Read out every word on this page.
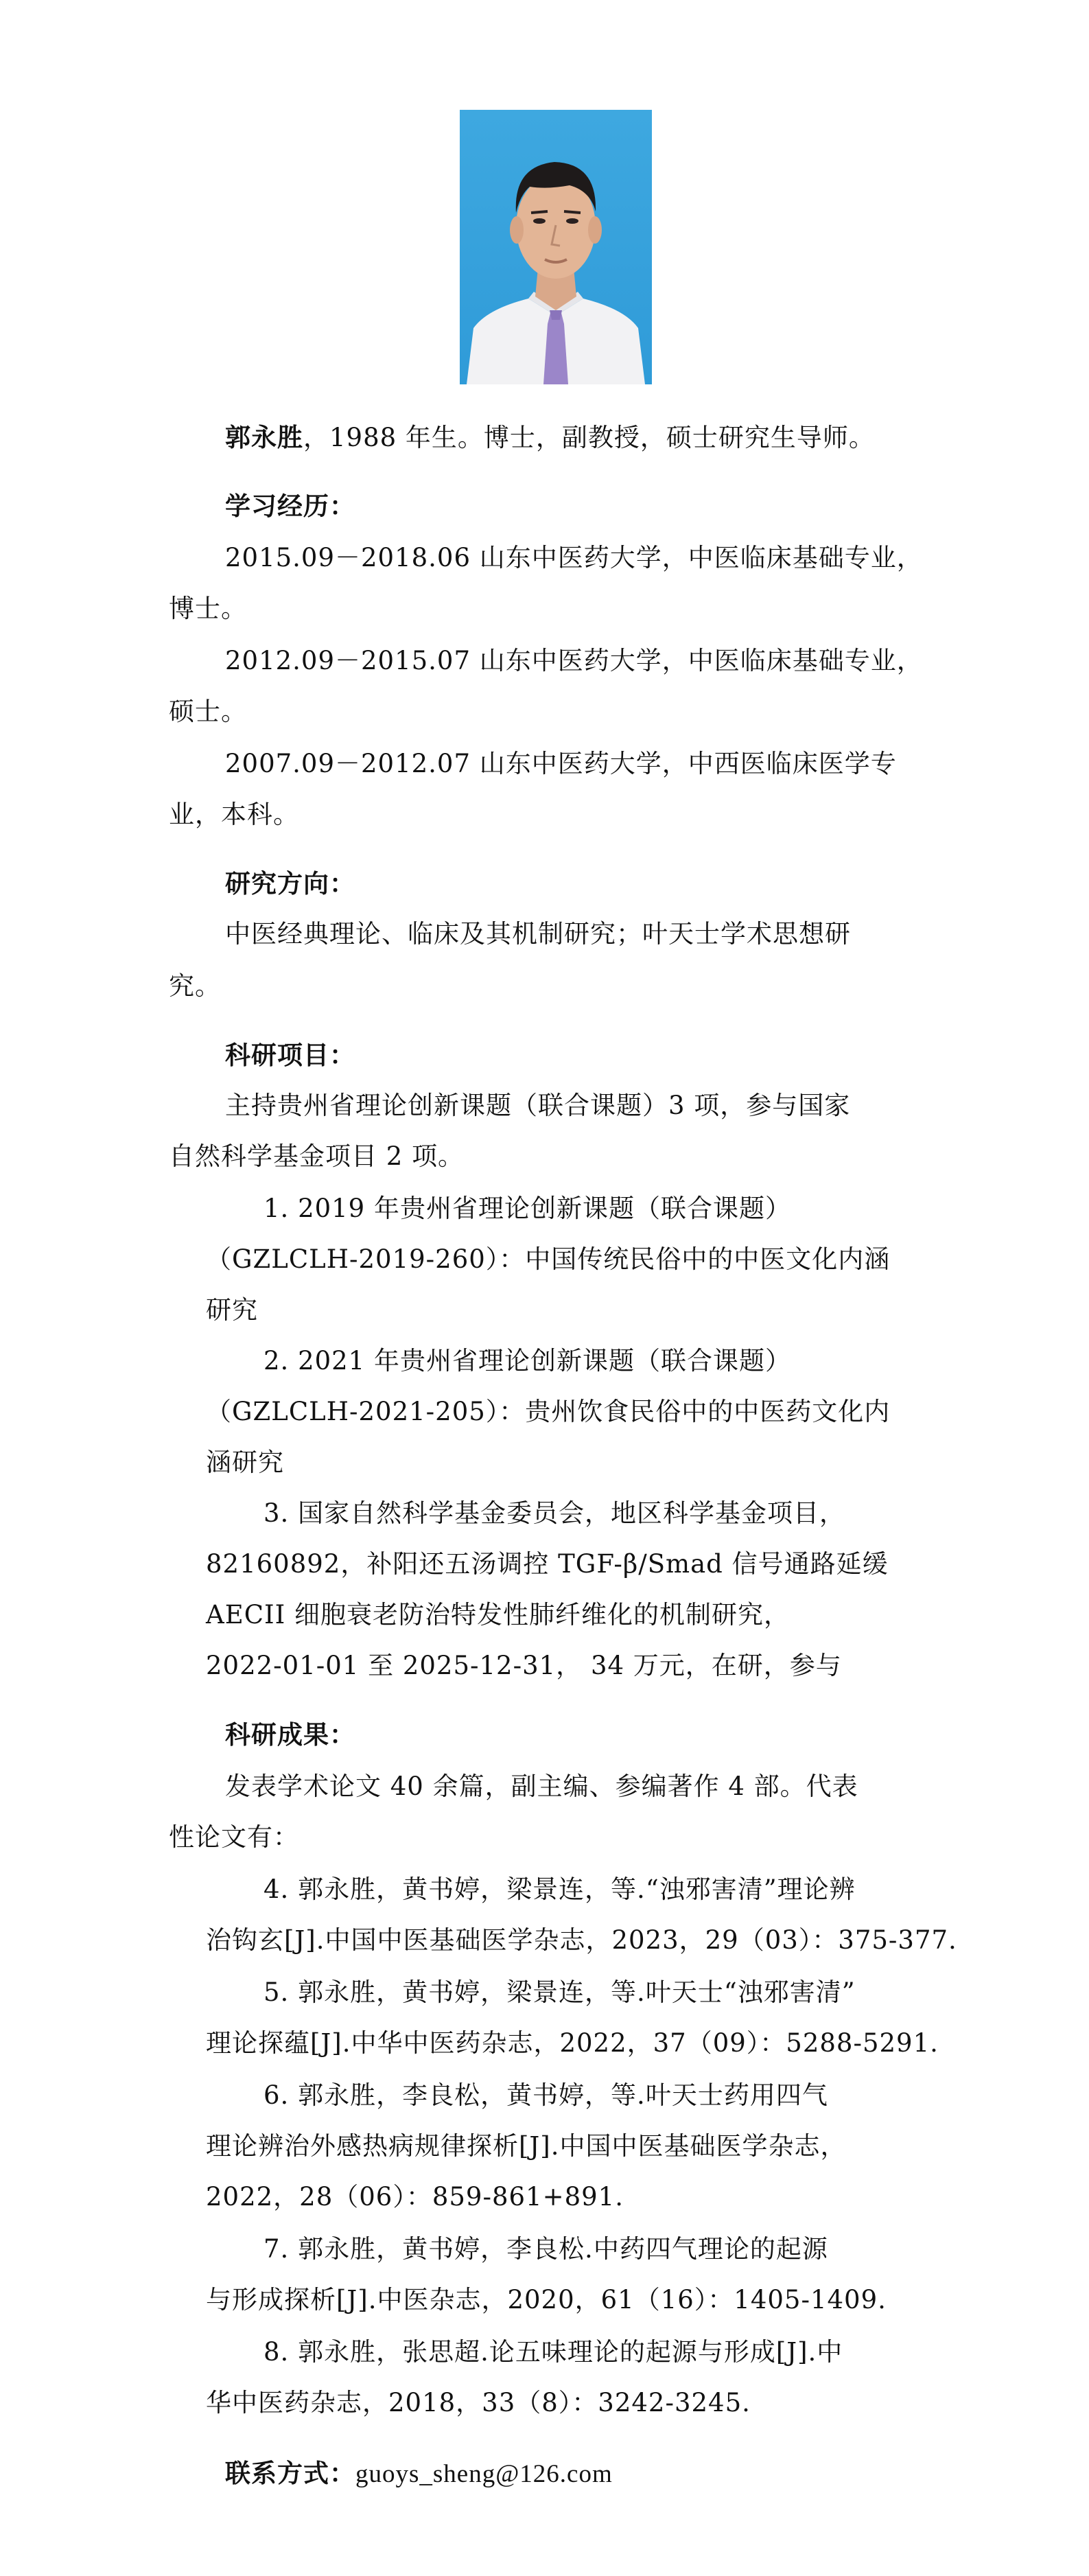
郭永胜，1988 年生。博士，副教授，硕士研究生导师。
学习经历：
2015.09－2018.06 山东中医药大学，中医临床基础专业，
博士。
2012.09－2015.07 山东中医药大学，中医临床基础专业，
硕士。
2007.09－2012.07 山东中医药大学，中西医临床医学专
业，本科。
研究方向：
中医经典理论、临床及其机制研究；叶天士学术思想研
究。
科研项目：
主持贵州省理论创新课题（联合课题）3 项，参与国家
自然科学基金项目 2 项。
1. 2019 年贵州省理论创新课题（联合课题）
（GZLCLH-2019-260）：中国传统民俗中的中医文化内涵
研究
2. 2021 年贵州省理论创新课题（联合课题）
（GZLCLH-2021-205）：贵州饮食民俗中的中医药文化内
涵研究
3. 国家自然科学基金委员会，地区科学基金项目，
82160892，补阳还五汤调控 TGF-β/Smad 信号通路延缓
AECII 细胞衰老防治特发性肺纤维化的机制研究，
2022-01-01 至 2025-12-31， 34 万元，在研，参与
科研成果：
发表学术论文 40 余篇，副主编、参编著作 4 部。代表
性论文有：
4. 郭永胜，黄书婷，梁景连，等.“浊邪害清”理论辨
治钩玄[J].中国中医基础医学杂志，2023，29（03）：375-377.
5. 郭永胜，黄书婷，梁景连，等.叶天士“浊邪害清”
理论探蕴[J].中华中医药杂志，2022，37（09）：5288-5291.
6. 郭永胜，李良松，黄书婷，等.叶天士药用四气
理论辨治外感热病规律探析[J].中国中医基础医学杂志，
2022，28（06）：859-861+891.
7. 郭永胜，黄书婷，李良松.中药四气理论的起源
与形成探析[J].中医杂志，2020，61（16）：1405-1409.
8. 郭永胜，张思超.论五味理论的起源与形成[J].中
华中医药杂志，2018，33（8）：3242-3245.
联系方式：guoys_sheng@126.com
